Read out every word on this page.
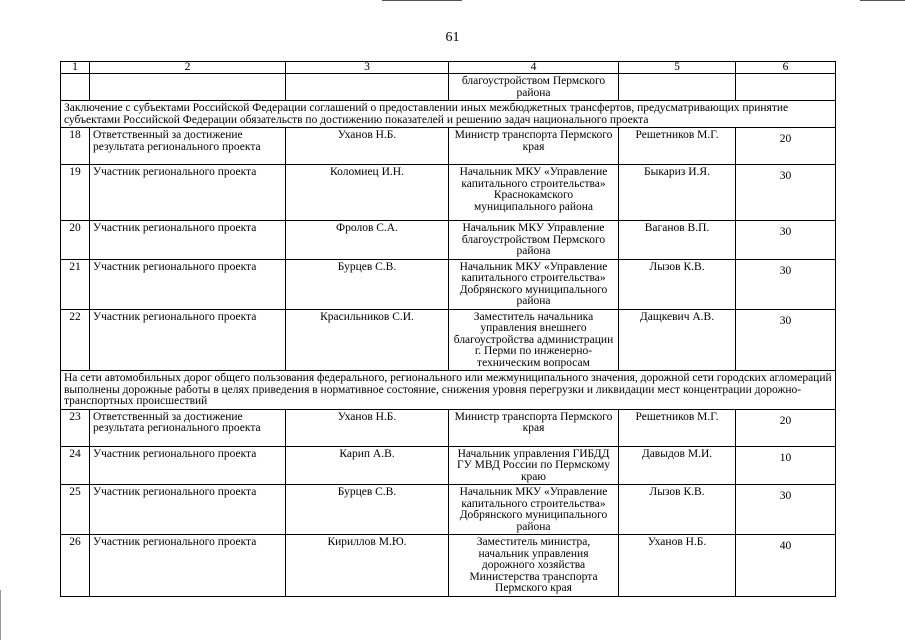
61
1	2	3	4	5	6
			благоустройством Пермского района		
Заключение с субъектами Российской Федерации соглашений о предоставлении иных межбюджетных трансфертов, предусматривающих принятие субъектами Российской Федерации обязательств по достижению показателей и решению задач национального проекта					
18	Ответственный за достижение результата регионального проекта	Уханов Н.Б.	Министр транспорта Пермского края	Решетников М.Г.	20
19	Участник регионального проекта	Коломиец И.Н.	Начальник МКУ «Управление капитального строительства» Краснокамского муниципального района	Быкариз И.Я.	30
20	Участник регионального проекта	Фролов С.А.	Начальник МКУ Управление благоустройством Пермского района	Ваганов В.П.	30
21	Участник регионального проекта	Бурцев С.В.	Начальник МКУ «Управление капитального строительства» Добрянского муниципального района	Лызов К.В.	30
22	Участник регионального проекта	Красильников С.И.	Заместитель начальника управления внешнего благоустройства администрации г. Перми по инженерно-техническим вопросам	Дащкевич А.В.	30
На сети автомобильных дорог общего пользования федерального, регионального или межмуниципального значения, дорожной сети городских агломераций выполнены дорожные работы в целях приведения в нормативное состояние, снижения уровня перегрузки и ликвидации мест концентрации дорожно-транспортных происшествий					
23	Ответственный за достижение результата регионального проекта	Уханов Н.Б.	Министр транспорта Пермского края	Решетников М.Г.	20
24	Участник регионального проекта	Карип А.В.	Начальник управления ГИБДД ГУ МВД России по Пермскому краю	Давыдов М.И.	10
25	Участник регионального проекта	Бурцев С.В.	Начальник МКУ «Управление капитального строительства» Добрянского муниципального района	Лызов К.В.	30
26	Участник регионального проекта	Кириллов М.Ю.	Заместитель министра, начальник управления дорожного хозяйства Министерства транспорта Пермского края	Уханов Н.Б.	40
